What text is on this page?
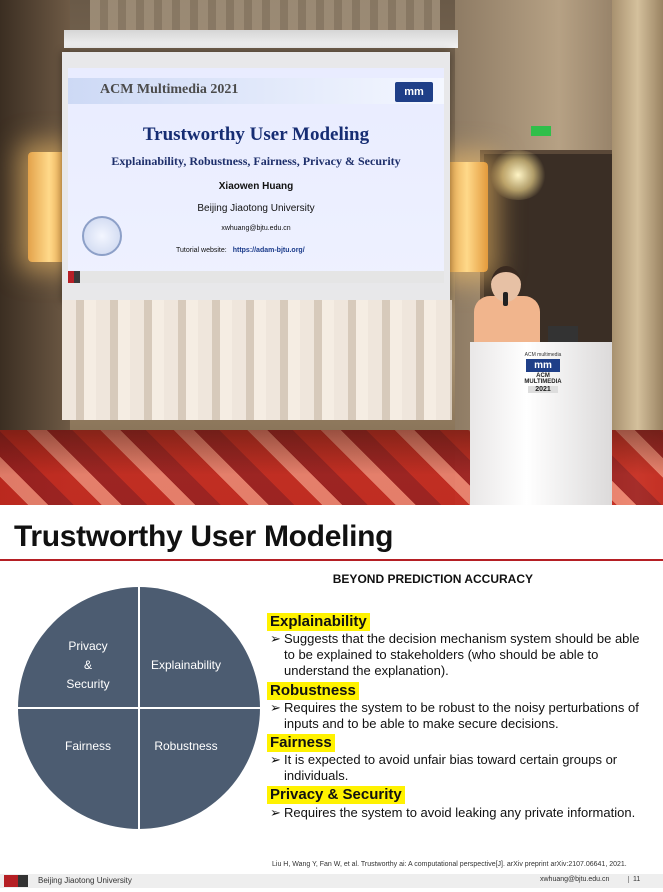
ACM Multimedia 2021	mm
Trustworthy User Modeling
Explainability, Robustness, Fairness, Privacy & Security
Xiaowen Huang
Beijing Jiaotong University
xwhuang@bjtu.edu.cn
Tutorial website: https://adam-bjtu.org/
ACM multimedia
mm
ACM MULTIMEDIA
2021
Trustworthy User Modeling
BEYOND PREDICTION ACCURACY
Privacy
&
Security
Explainability
Fairness	Robustness
Explainability
➢ Suggests that the decision mechanism system should be able to be explained to stakeholders (who should be able to understand the explanation).
Robustness
➢ Requires the system to be robust to the noisy perturbations of inputs and to be able to make secure decisions.
Fairness
➢ It is expected to avoid unfair bias toward certain groups or individuals.
Privacy & Security
➢ Requires the system to avoid leaking any private information.
Liu H, Wang Y, Fan W, et al. Trustworthy ai: A computational perspective[J]. arXiv preprint arXiv:2107.06641, 2021.
Beijing Jiaotong University	xwhuang@bjtu.edu.cn	11
